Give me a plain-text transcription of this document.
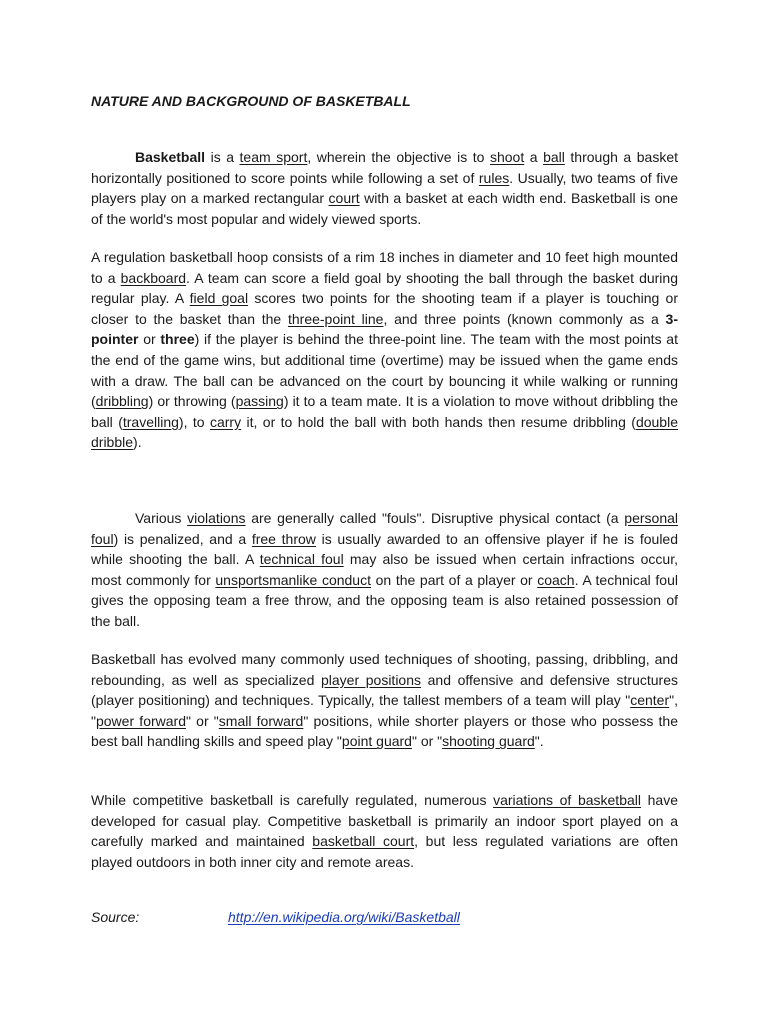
NATURE AND BACKGROUND OF BASKETBALL

Basketball is a team sport, wherein the objective is to shoot a ball through a basket horizontally positioned to score points while following a set of rules. Usually, two teams of five players play on a marked rectangular court with a basket at each width end. Basketball is one of the world's most popular and widely viewed sports.

A regulation basketball hoop consists of a rim 18 inches in diameter and 10 feet high mounted to a backboard. A team can score a field goal by shooting the ball through the basket during regular play. A field goal scores two points for the shooting team if a player is touching or closer to the basket than the three-point line, and three points (known commonly as a 3-pointer or three) if the player is behind the three-point line. The team with the most points at the end of the game wins, but additional time (overtime) may be issued when the game ends with a draw. The ball can be advanced on the court by bouncing it while walking or running (dribbling) or throwing (passing) it to a team mate. It is a violation to move without dribbling the ball (travelling), to carry it, or to hold the ball with both hands then resume dribbling (double dribble).

Various violations are generally called "fouls". Disruptive physical contact (a personal foul) is penalized, and a free throw is usually awarded to an offensive player if he is fouled while shooting the ball. A technical foul may also be issued when certain infractions occur, most commonly for unsportsmanlike conduct on the part of a player or coach. A technical foul gives the opposing team a free throw, and the opposing team is also retained possession of the ball.

Basketball has evolved many commonly used techniques of shooting, passing, dribbling, and rebounding, as well as specialized player positions and offensive and defensive structures (player positioning) and techniques. Typically, the tallest members of a team will play "center", "power forward" or "small forward" positions, while shorter players or those who possess the best ball handling skills and speed play "point guard" or "shooting guard".

While competitive basketball is carefully regulated, numerous variations of basketball have developed for casual play. Competitive basketball is primarily an indoor sport played on a carefully marked and maintained basketball court, but less regulated variations are often played outdoors in both inner city and remote areas.

Source:	http://en.wikipedia.org/wiki/Basketball
